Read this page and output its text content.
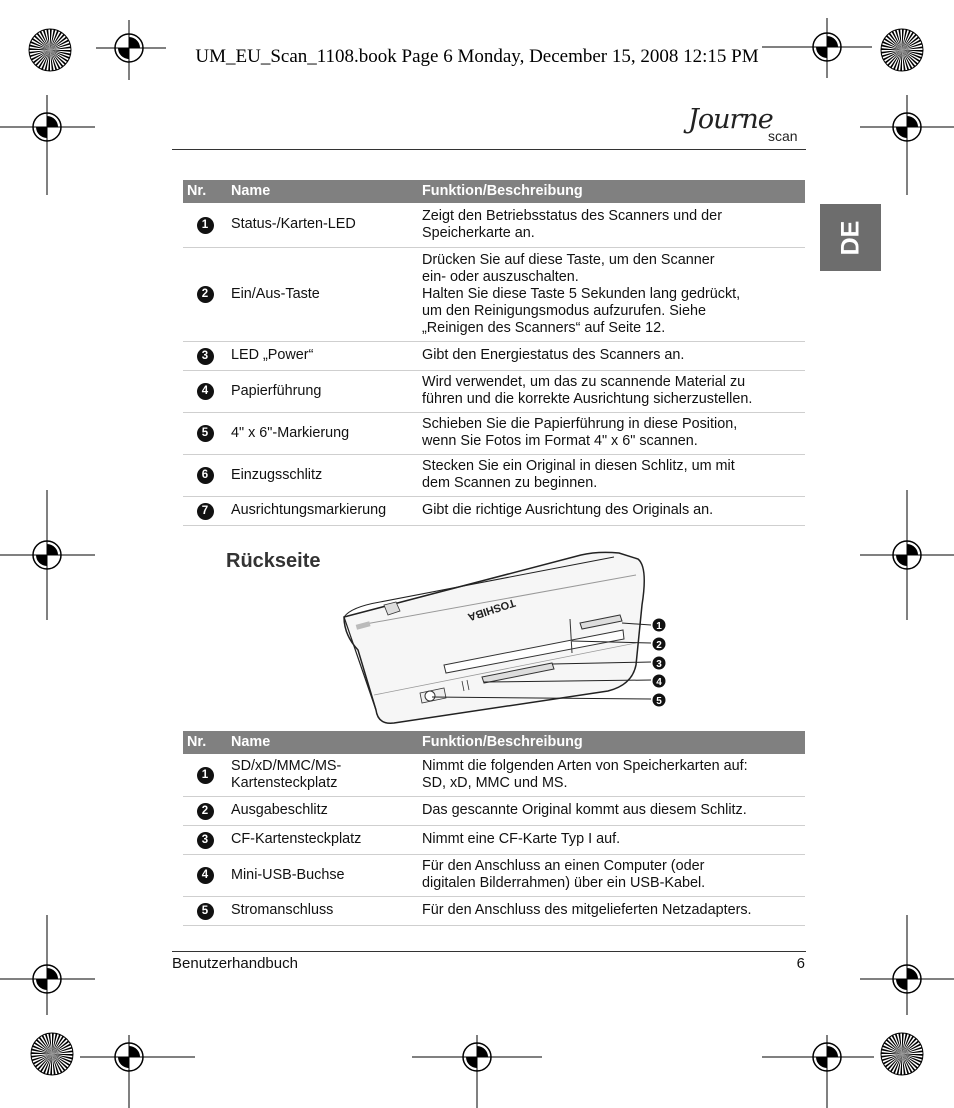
UM_EU_Scan_1108.book Page 6 Monday, December 15, 2008 12:15 PM
Journe
scan
DE
Nr.	Name	Funktion/Beschreibung
1	Status-/Karten-LED	Zeigt den Betriebsstatus des Scanners und der
Speicherkarte an.

2	Ein/Aus-Taste	Drücken Sie auf diese Taste, um den Scanner
ein- oder auszuschalten.
Halten Sie diese Taste 5 Sekunden lang gedrückt,
um den Reinigungsmodus aufzurufen. Siehe
„Reinigen des Scanners“ auf Seite 12.

3	LED „Power“	Gibt den Energiestatus des Scanners an.

4	Papierführung	Wird verwendet, um das zu scannende Material zu
führen und die korrekte Ausrichtung sicherzustellen.

5	4" x 6"-Markierung	Schieben Sie die Papierführung in diese Position,
wenn Sie Fotos im Format 4" x 6" scannen.

6	Einzugsschlitz	Stecken Sie ein Original in diesen Schlitz, um mit
dem Scannen zu beginnen.

7	Ausrichtungsmarkierung	Gibt die richtige Ausrichtung des Originals an.
Rückseite
TOSHIBA
1
2
3
4
5
Nr.	Name	Funktion/Beschreibung
1	SD/xD/MMC/MS-Kartensteckplatz	Nimmt die folgenden Arten von Speicherkarten auf:
SD, xD, MMC und MS.

2	Ausgabeschlitz	Das gescannte Original kommt aus diesem Schlitz.

3	CF-Kartensteckplatz	Nimmt eine CF-Karte Typ I auf.

4	Mini-USB-Buchse	Für den Anschluss an einen Computer (oder
digitalen Bilderrahmen) über ein USB-Kabel.

5	Stromanschluss	Für den Anschluss des mitgelieferten Netzadapters.
Benutzerhandbuch	6
